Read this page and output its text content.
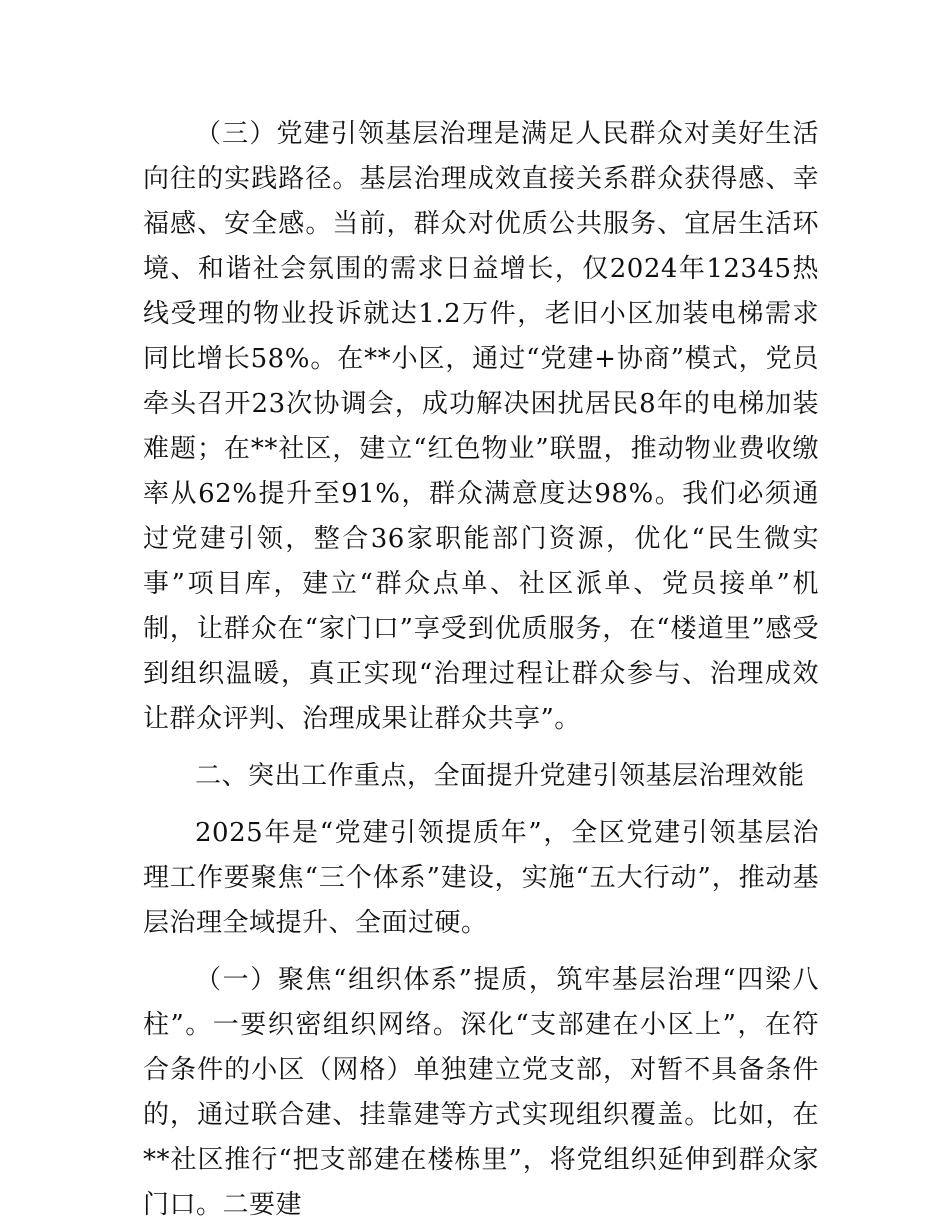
（三）党建引领基层治理是满足人民群众对美好生活向往的实践路径。基层治理成效直接关系群众获得感、幸福感、安全感。当前，群众对优质公共服务、宜居生活环境、和谐社会氛围的需求日益增长，仅2024年12345热线受理的物业投诉就达1.2万件，老旧小区加装电梯需求同比增长58%。在**小区，通过“党建+协商”模式，党员牵头召开23次协调会，成功解决困扰居民8年的电梯加装难题；在**社区，建立“红色物业”联盟，推动物业费收缴率从62%提升至91%，群众满意度达98%。我们必须通过党建引领，整合36家职能部门资源，优化“民生微实事”项目库，建立“群众点单、社区派单、党员接单”机制，让群众在“家门口”享受到优质服务，在“楼道里”感受到组织温暖，真正实现“治理过程让群众参与、治理成效让群众评判、治理成果让群众共享”。

二、突出工作重点，全面提升党建引领基层治理效能

2025年是“党建引领提质年”，全区党建引领基层治理工作要聚焦“三个体系”建设，实施“五大行动”，推动基层治理全域提升、全面过硬。

（一）聚焦“组织体系”提质，筑牢基层治理“四梁八柱”。一要织密组织网络。深化“支部建在小区上”，在符合条件的小区（网格）单独建立党支部，对暂不具备条件的，通过联合建、挂靠建等方式实现组织覆盖。比如，在**社区推行“把支部建在楼栋里”，将党组织延伸到群众家门口。二要建
